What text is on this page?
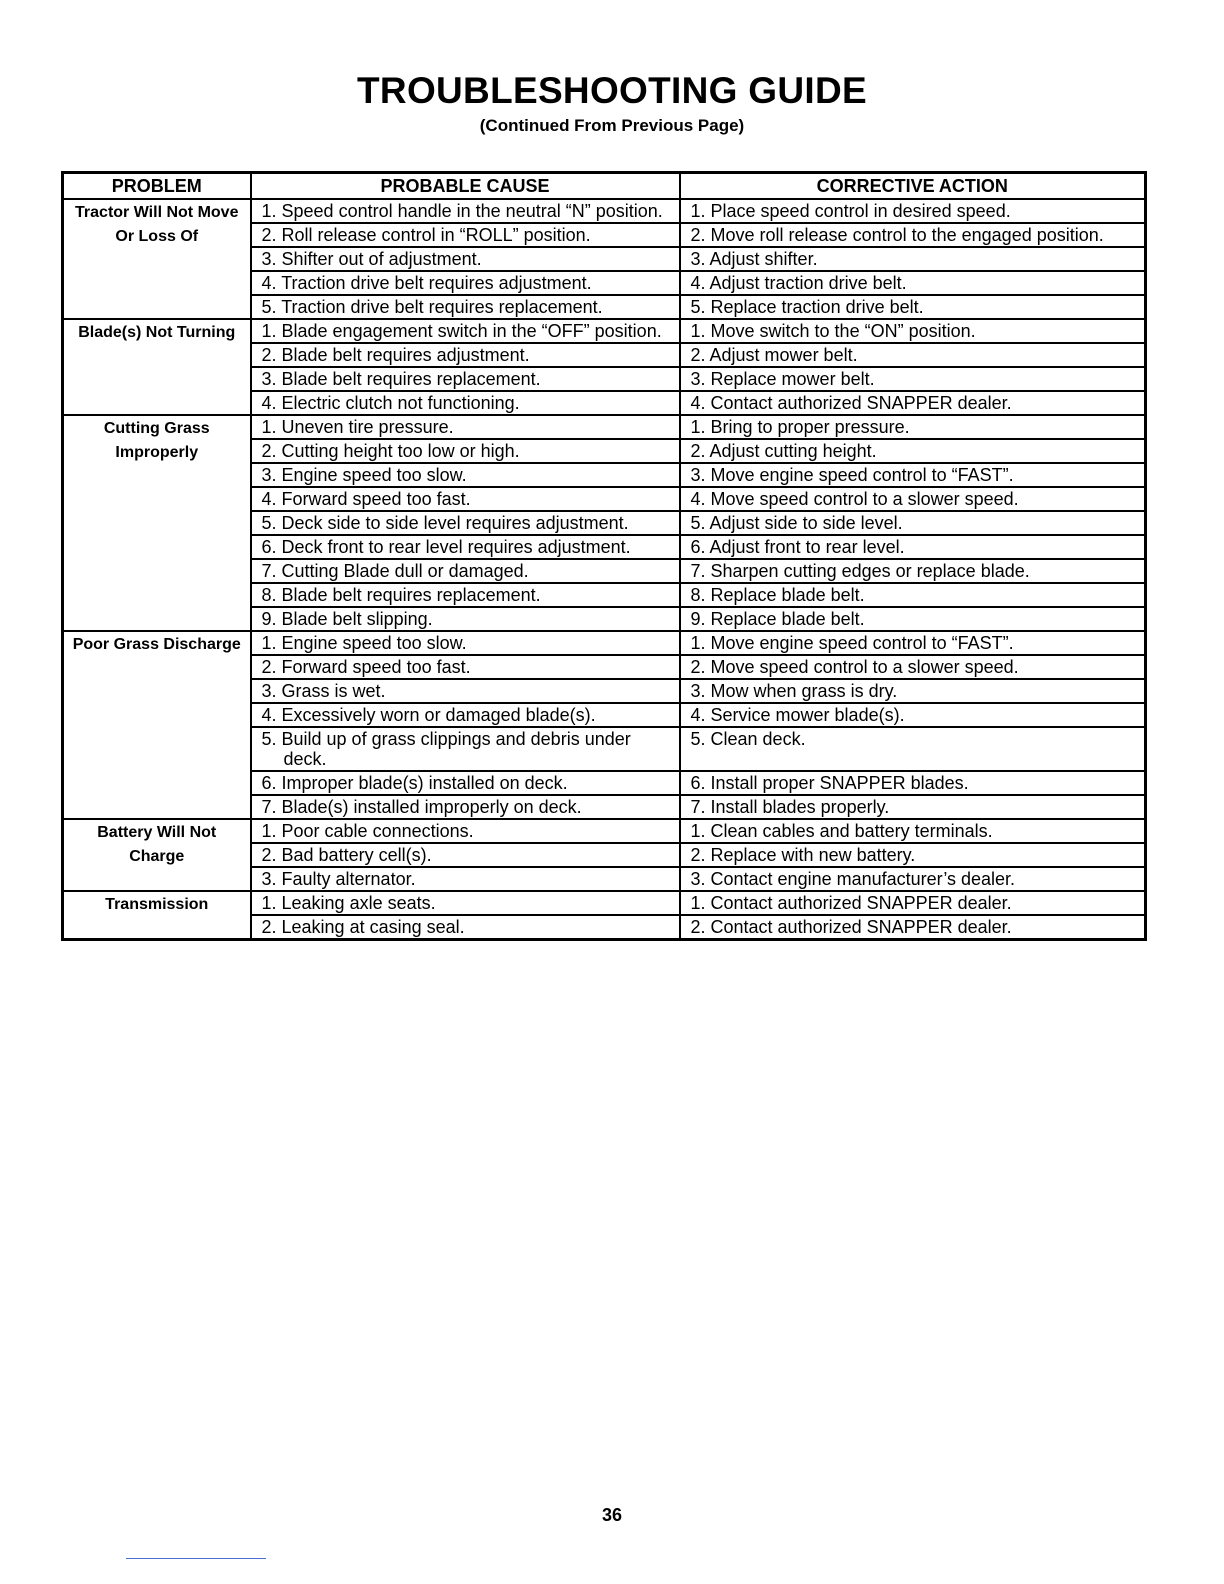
TROUBLESHOOTING GUIDE
(Continued From Previous Page)
PROBLEM	PROBABLE CAUSE	CORRECTIVE ACTION
Tractor Will Not Move Or Loss Of	1. Speed control handle in the neutral “N” position.	1. Place speed control in desired speed.

	2. Roll release control in “ROLL” position.	2. Move roll release control to the engaged position.

	3. Shifter out of adjustment.	3. Adjust shifter.

	4. Traction drive belt requires adjustment.	4. Adjust traction drive belt.

	5. Traction drive belt requires replacement.	5. Replace traction drive belt.

Blade(s) Not Turning	1. Blade engagement switch in the “OFF” position.	1. Move switch to the “ON” position.

	2. Blade belt requires adjustment.	2. Adjust mower belt.

	3. Blade belt requires replacement.	3. Replace mower belt.

	4. Electric clutch not functioning.	4. Contact authorized SNAPPER dealer.

Cutting Grass Improperly	1. Uneven tire pressure.	1. Bring to proper pressure.

	2. Cutting height too low or high.	2. Adjust cutting height.

	3. Engine speed too slow.	3. Move engine speed control to “FAST”.

	4. Forward speed too fast.	4. Move speed control to a slower speed.

	5. Deck side to side level requires adjustment.	5. Adjust side to side level.

	6. Deck front to rear level requires adjustment.	6. Adjust front to rear level.

	7. Cutting Blade dull or damaged.	7. Sharpen cutting edges or replace blade.

	8. Blade belt requires replacement.	8. Replace blade belt.

	9. Blade belt slipping.	9. Replace blade belt.

Poor Grass Discharge	1. Engine speed too slow.	1. Move engine speed control to “FAST”.

	2. Forward speed too fast.	2. Move speed control to a slower speed.

	3. Grass is wet.	3. Mow when grass is dry.

	4. Excessively worn or damaged blade(s).	4. Service mower blade(s).

	5. Build up of grass clippings and debris under deck.	5. Clean deck.

	6. Improper blade(s) installed on deck.	6. Install proper SNAPPER blades.

	7. Blade(s) installed improperly on deck.	7. Install blades properly.

Battery Will Not Charge	1. Poor cable connections.	1. Clean cables and battery terminals.

	2. Bad battery cell(s).	2. Replace with new battery.

	3. Faulty alternator.	3. Contact engine manufacturer’s dealer.

Transmission	1. Leaking axle seats.	1. Contact authorized SNAPPER dealer.

	2. Leaking at casing seal.	2. Contact authorized SNAPPER dealer.
36
